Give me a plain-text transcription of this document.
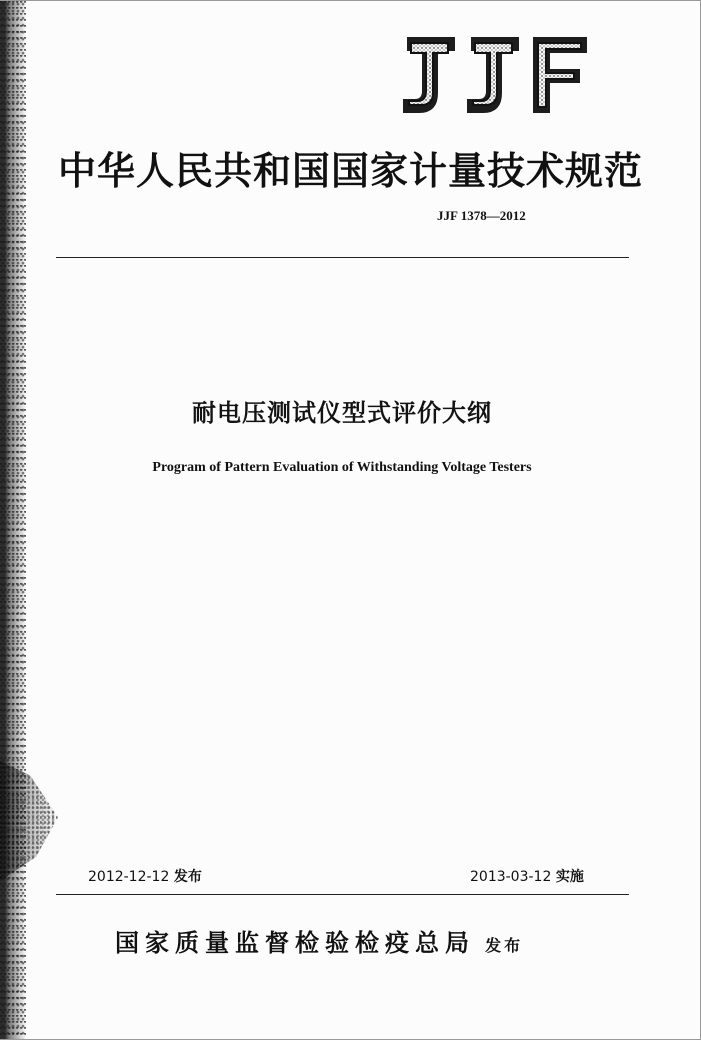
中华人民共和国国家计量技术规范
JJF 1378—2012
耐电压测试仪型式评价大纲
Program of Pattern Evaluation of Withstanding Voltage Testers
2012-12-12 发布	2013-03-12 实施
国家质量监督检验检疫总局 发布
